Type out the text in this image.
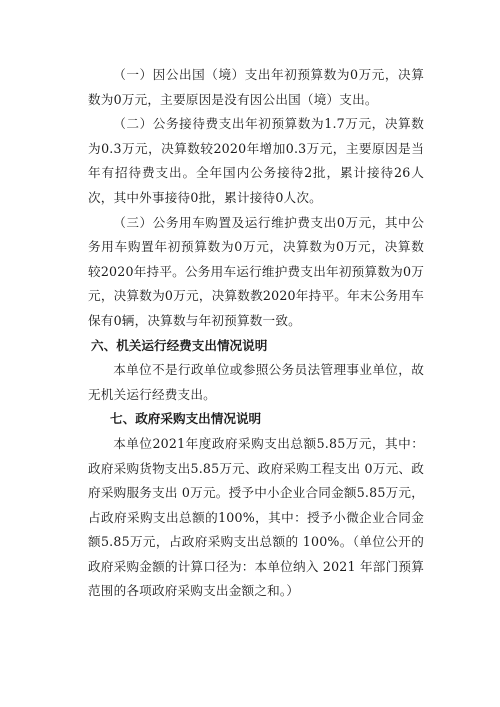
（一）因公出国（境）支出年初预算数为0万元，决算数为0万元，主要原因是没有因公出国（境）支出。

（二）公务接待费支出年初预算数为1.7万元，决算数为0.3万元，决算数较2020年增加0.3万元，主要原因是当年有招待费支出。全年国内公务接待2批，累计接待26人次，其中外事接待0批，累计接待0人次。

（三）公务用车购置及运行维护费支出0万元，其中公务用车购置年初预算数为0万元，决算数为0万元，决算数较2020年持平。公务用车运行维护费支出年初预算数为0万元，决算数为0万元，决算数教2020年持平。年末公务用车保有0辆，决算数与年初预算数一致。

六、机关运行经费支出情况说明

本单位不是行政单位或参照公务员法管理事业单位，故无机关运行经费支出。

七、政府采购支出情况说明

本单位2021年度政府采购支出总额5.85万元，其中：政府采购货物支出5.85万元、政府采购工程支出 0万元、政府采购服务支出 0万元。授予中小企业合同金额5.85万元，占政府采购支出总额的100%，其中：授予小微企业合同金额5.85万元，占政府采购支出总额的 100%。（单位公开的政府采购金额的计算口径为：本单位纳入 2021 年部门预算范围的各项政府采购支出金额之和。）
